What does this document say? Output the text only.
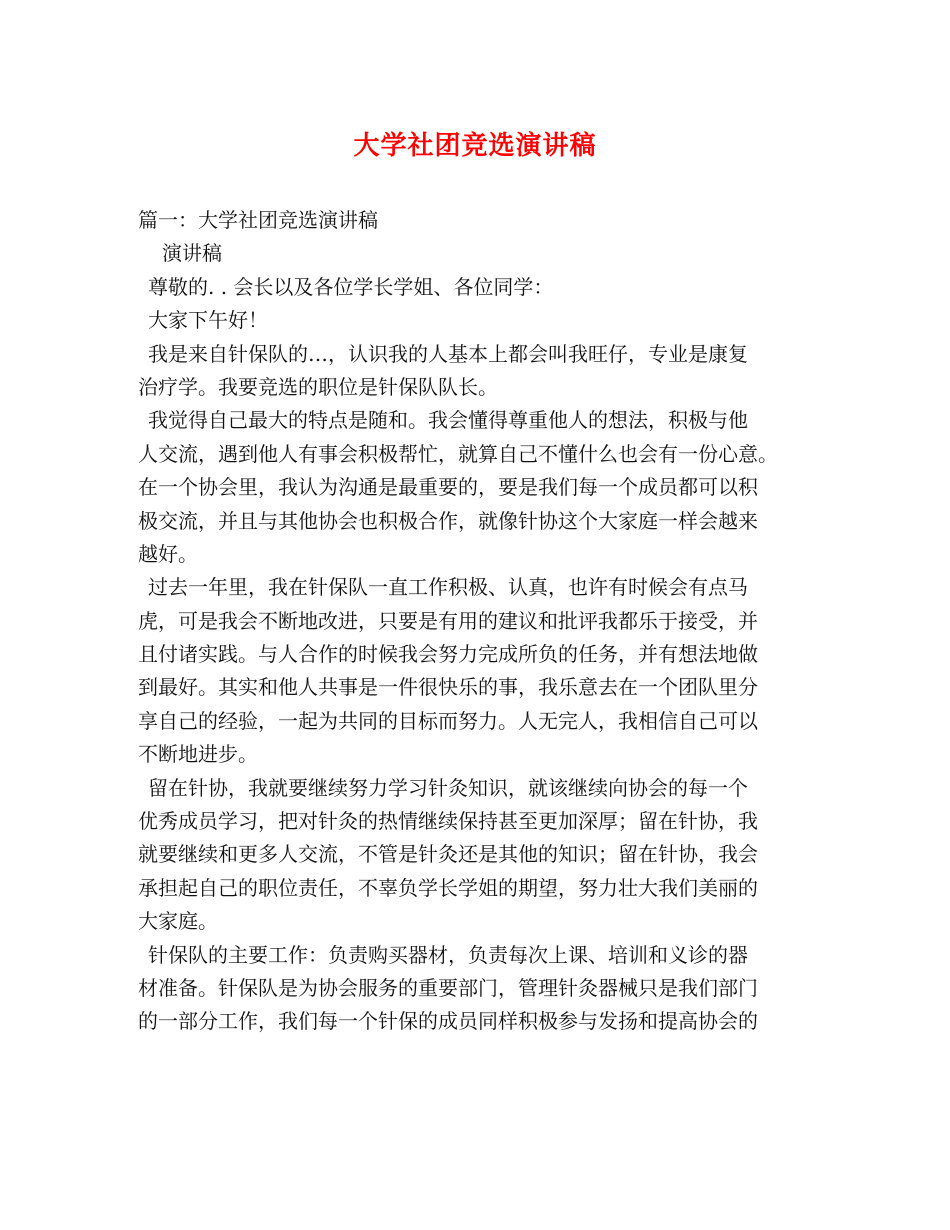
大学社团竞选演讲稿
篇一：大学社团竞选演讲稿
演讲稿
尊敬的. . 会长以及各位学长学姐、各位同学：
大家下午好！
我是来自针保队的…，认识我的人基本上都会叫我旺仔，专业是康复
治疗学。我要竞选的职位是针保队队长。
我觉得自己最大的特点是随和。我会懂得尊重他人的想法，积极与他
人交流，遇到他人有事会积极帮忙，就算自己不懂什么也会有一份心意。
在一个协会里，我认为沟通是最重要的，要是我们每一个成员都可以积
极交流，并且与其他协会也积极合作，就像针协这个大家庭一样会越来
越好。
过去一年里，我在针保队一直工作积极、认真，也许有时候会有点马
虎，可是我会不断地改进，只要是有用的建议和批评我都乐于接受，并
且付诸实践。与人合作的时候我会努力完成所负的任务，并有想法地做
到最好。其实和他人共事是一件很快乐的事，我乐意去在一个团队里分
享自己的经验，一起为共同的目标而努力。人无完人，我相信自己可以
不断地进步。
留在针协，我就要继续努力学习针灸知识，就该继续向协会的每一个
优秀成员学习，把对针灸的热情继续保持甚至更加深厚；留在针协，我
就要继续和更多人交流，不管是针灸还是其他的知识；留在针协，我会
承担起自己的职位责任，不辜负学长学姐的期望，努力壮大我们美丽的
大家庭。
针保队的主要工作：负责购买器材，负责每次上课、培训和义诊的器
材准备。针保队是为协会服务的重要部门，管理针灸器械只是我们部门
的一部分工作，我们每一个针保的成员同样积极参与发扬和提高协会的
